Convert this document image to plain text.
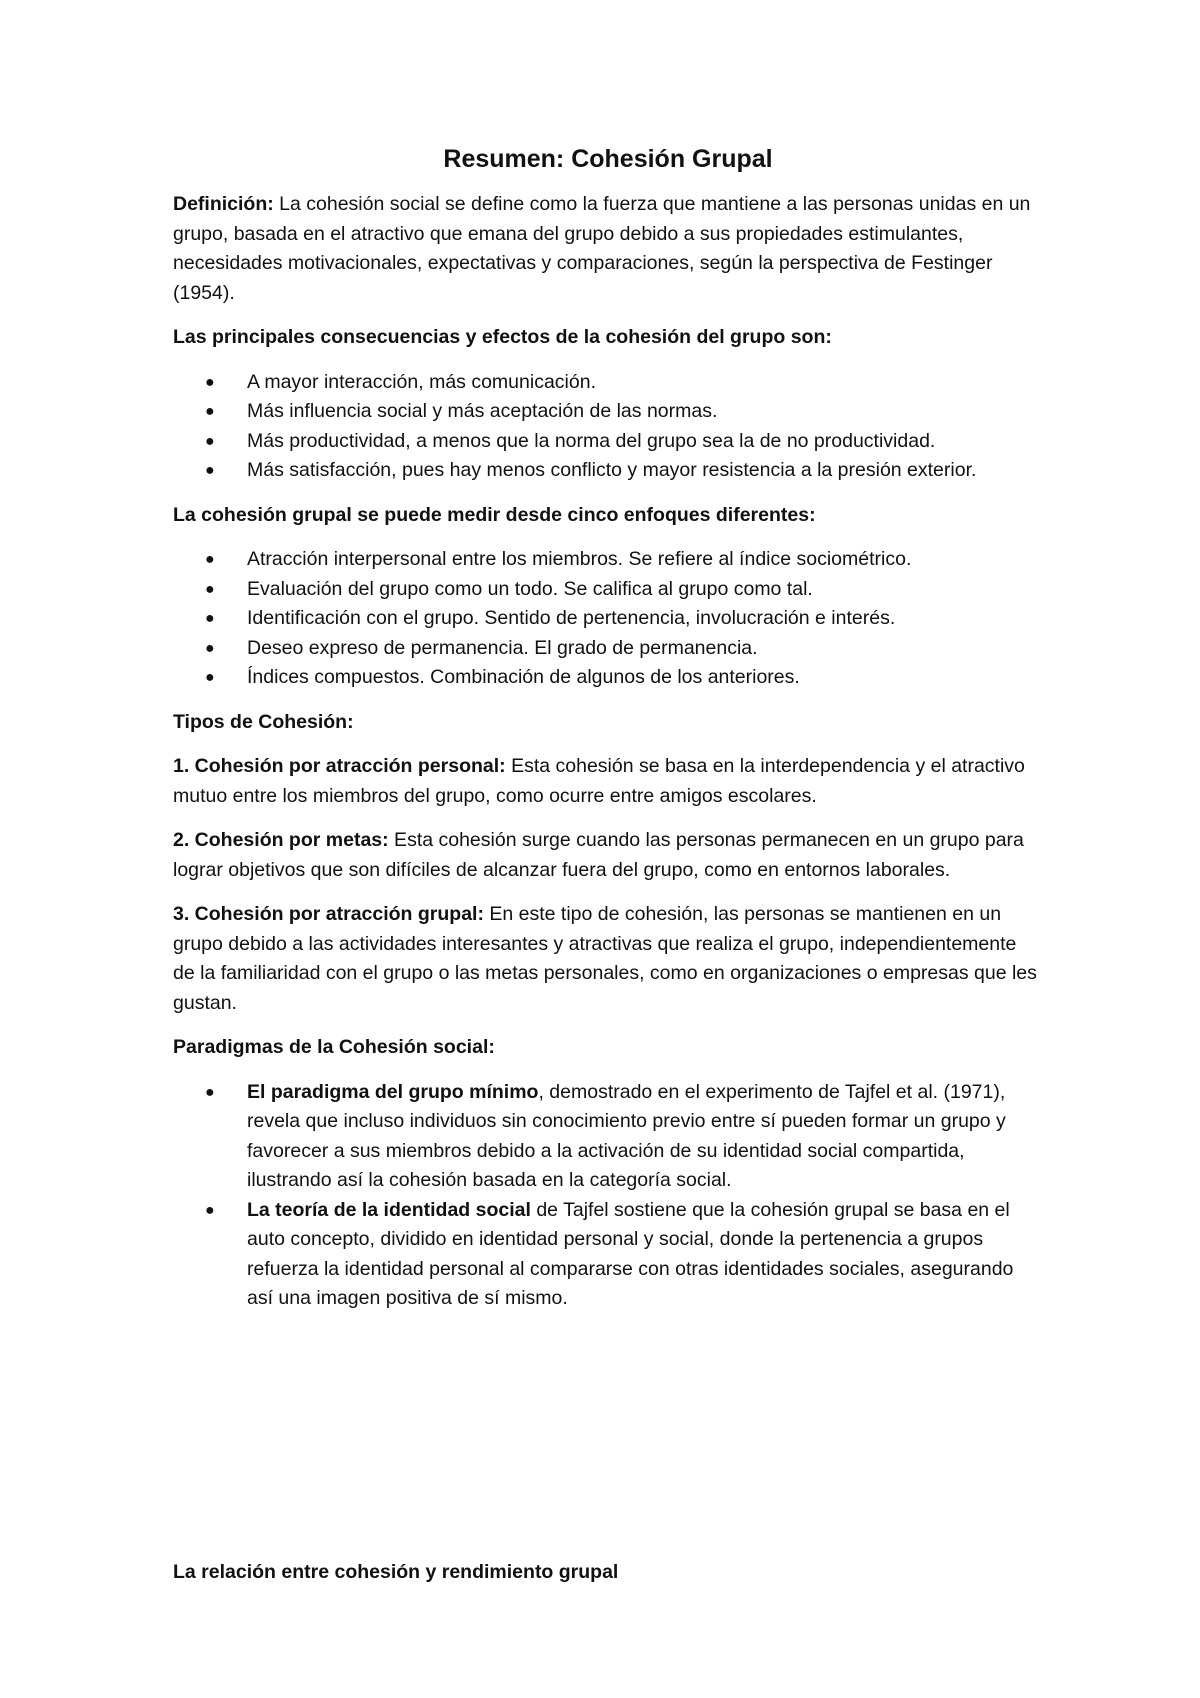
Resumen: Cohesión Grupal

Definición: La cohesión social se define como la fuerza que mantiene a las personas unidas en un grupo, basada en el atractivo que emana del grupo debido a sus propiedades estimulantes, necesidades motivacionales, expectativas y comparaciones, según la perspectiva de Festinger (1954).

Las principales consecuencias y efectos de la cohesión del grupo son:

● A mayor interacción, más comunicación.
● Más influencia social y más aceptación de las normas.
● Más productividad, a menos que la norma del grupo sea la de no productividad.
● Más satisfacción, pues hay menos conflicto y mayor resistencia a la presión exterior.

La cohesión grupal se puede medir desde cinco enfoques diferentes:

● Atracción interpersonal entre los miembros. Se refiere al índice sociométrico.
● Evaluación del grupo como un todo. Se califica al grupo como tal.
● Identificación con el grupo. Sentido de pertenencia, involucración e interés.
● Deseo expreso de permanencia. El grado de permanencia.
● Índices compuestos. Combinación de algunos de los anteriores.

Tipos de Cohesión:

1. Cohesión por atracción personal: Esta cohesión se basa en la interdependencia y el atractivo mutuo entre los miembros del grupo, como ocurre entre amigos escolares.

2. Cohesión por metas: Esta cohesión surge cuando las personas permanecen en un grupo para lograr objetivos que son difíciles de alcanzar fuera del grupo, como en entornos laborales.

3. Cohesión por atracción grupal: En este tipo de cohesión, las personas se mantienen en un grupo debido a las actividades interesantes y atractivas que realiza el grupo, independientemente de la familiaridad con el grupo o las metas personales, como en organizaciones o empresas que les gustan.

Paradigmas de la Cohesión social:

● El paradigma del grupo mínimo, demostrado en el experimento de Tajfel et al. (1971), revela que incluso individuos sin conocimiento previo entre sí pueden formar un grupo y favorecer a sus miembros debido a la activación de su identidad social compartida, ilustrando así la cohesión basada en la categoría social.
● La teoría de la identidad social de Tajfel sostiene que la cohesión grupal se basa en el auto concepto, dividido en identidad personal y social, donde la pertenencia a grupos refuerza la identidad personal al compararse con otras identidades sociales, asegurando así una imagen positiva de sí mismo.
La relación entre cohesión y rendimiento grupal
